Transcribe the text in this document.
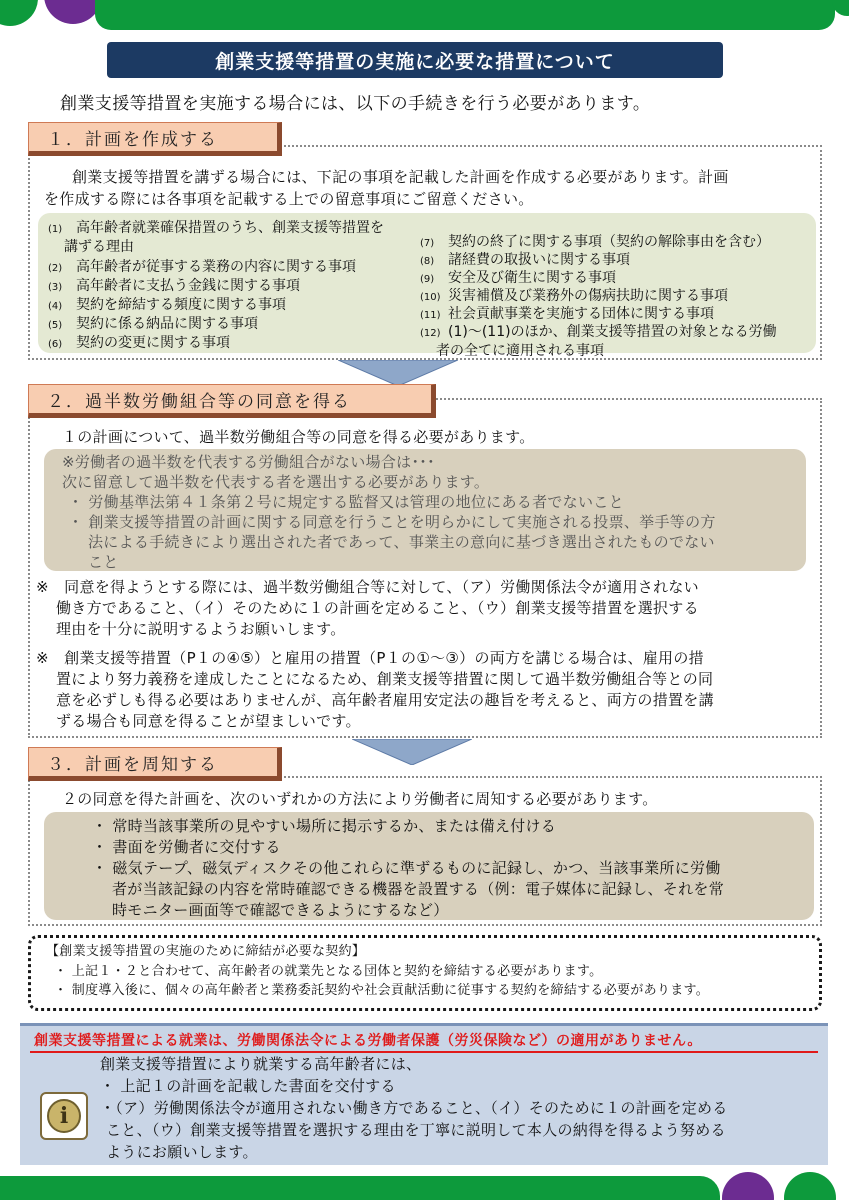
創業支援等措置の実施に必要な措置について
創業支援等措置を実施する場合には、以下の手続きを行う必要があります。
１．計画を作成する
創業支援等措置を講ずる場合には、下記の事項を記載した計画を作成する必要があります。計画
を作成する際には各事項を記載する上での留意事項にご留意ください。
(1) 高年齢者就業確保措置のうち、創業支援等措置を
講ずる理由
(2) 高年齢者が従事する業務の内容に関する事項
(3) 高年齢者に支払う金銭に関する事項
(4) 契約を締結する頻度に関する事項
(5) 契約に係る納品に関する事項
(6) 契約の変更に関する事項
(7) 契約の終了に関する事項（契約の解除事由を含む）
(8) 諸経費の取扱いに関する事項
(9) 安全及び衛生に関する事項
(10) 災害補償及び業務外の傷病扶助に関する事項
(11) 社会貢献事業を実施する団体に関する事項
(12) (1)～(11)のほか、創業支援等措置の対象となる労働
者の全てに適用される事項
２．過半数労働組合等の同意を得る
１の計画について、過半数労働組合等の同意を得る必要があります。
※労働者の過半数を代表する労働組合がない場合は･･･
次に留意して過半数を代表する者を選出する必要があります。
・ 労働基準法第４１条第２号に規定する監督又は管理の地位にある者でないこと
・ 創業支援等措置の計画に関する同意を行うことを明らかにして実施される投票、挙手等の方
法による手続きにより選出された者であって、事業主の意向に基づき選出されたものでない
こと
※　同意を得ようとする際には、過半数労働組合等に対して、（ア）労働関係法令が適用されない
働き方であること、（イ）そのために１の計画を定めること、（ウ）創業支援等措置を選択する
理由を十分に説明するようお願いします。
※　創業支援等措置（P１の④⑤）と雇用の措置（P１の①～③）の両方を講じる場合は、雇用の措
置により努力義務を達成したことになるため、創業支援等措置に関して過半数労働組合等との同
意を必ずしも得る必要はありませんが、高年齢者雇用安定法の趣旨を考えると、両方の措置を講
ずる場合も同意を得ることが望ましいです。
３．計画を周知する
２の同意を得た計画を、次のいずれかの方法により労働者に周知する必要があります。
・ 常時当該事業所の見やすい場所に掲示するか、または備え付ける
・ 書面を労働者に交付する
・ 磁気テープ、磁気ディスクその他これらに準ずるものに記録し、かつ、当該事業所に労働
者が当該記録の内容を常時確認できる機器を設置する（例：電子媒体に記録し、それを常
時モニター画面等で確認できるようにするなど）
【創業支援等措置の実施のために締結が必要な契約】
・ 上記１・２と合わせて、高年齢者の就業先となる団体と契約を締結する必要があります。
・ 制度導入後に、個々の高年齢者と業務委託契約や社会貢献活動に従事する契約を締結する必要があります。
創業支援等措置による就業は、労働関係法令による労働者保護（労災保険など）の適用がありません。
i
創業支援等措置により就業する高年齢者には、
・ 上記１の計画を記載した書面を交付する
・（ア）労働関係法令が適用されない働き方であること、（イ）そのために１の計画を定める
こと、（ウ）創業支援等措置を選択する理由を丁寧に説明して本人の納得を得るよう努める
ようにお願いします。
